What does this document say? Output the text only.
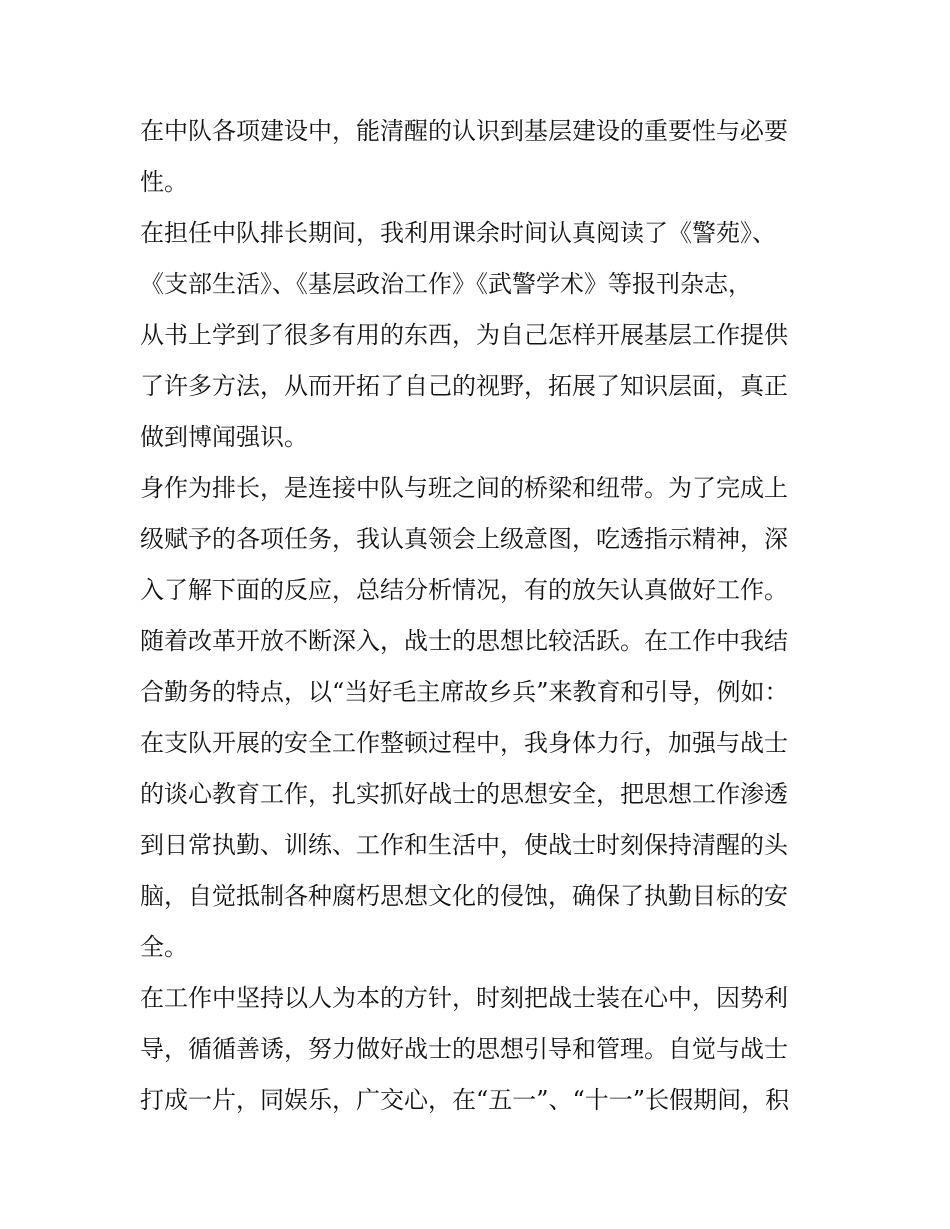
在中队各项建设中，能清醒的认识到基层建设的重要性与必要
性。

在担任中队排长期间，我利用课余时间认真阅读了《警苑》、
《支部生活》、《基层政治工作》《武警学术》等报刊杂志，
从书上学到了很多有用的东西，为自己怎样开展基层工作提供
了许多方法，从而开拓了自己的视野，拓展了知识层面，真正
做到博闻强识。

身作为排长，是连接中队与班之间的桥梁和纽带。为了完成上
级赋予的各项任务，我认真领会上级意图，吃透指示精神，深
入了解下面的反应，总结分析情况，有的放矢认真做好工作。

随着改革开放不断深入，战士的思想比较活跃。在工作中我结
合勤务的特点，以“当好毛主席故乡兵”来教育和引导，例如：
在支队开展的安全工作整顿过程中，我身体力行，加强与战士
的谈心教育工作，扎实抓好战士的思想安全，把思想工作渗透
到日常执勤、训练、工作和生活中，使战士时刻保持清醒的头
脑，自觉抵制各种腐朽思想文化的侵蚀，确保了执勤目标的安
全。

在工作中坚持以人为本的方针，时刻把战士装在心中，因势利
导，循循善诱，努力做好战士的思想引导和管理。自觉与战士
打成一片，同娱乐，广交心，在“五一”、“十一”长假期间，积
